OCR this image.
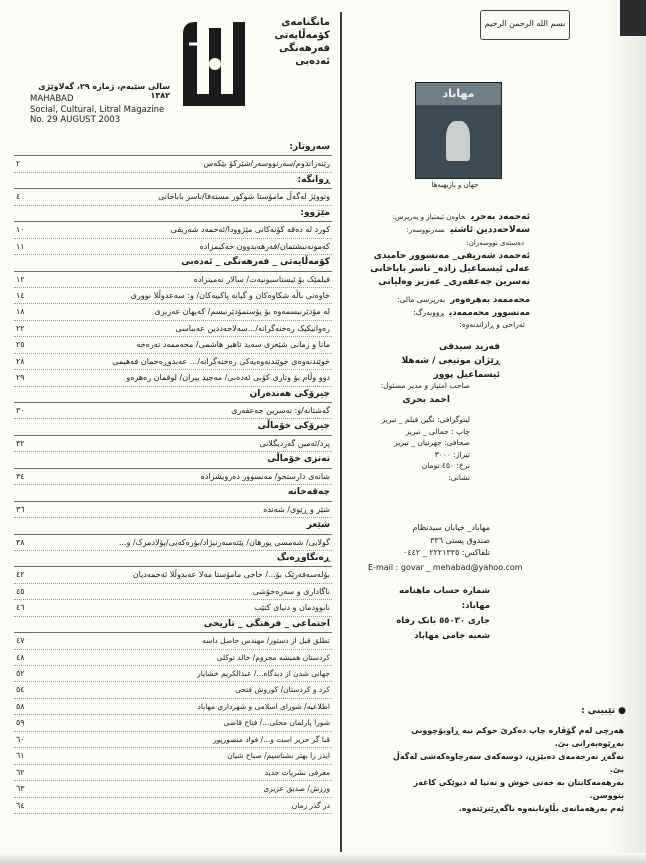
مانگنامەی
کۆمەڵایەتی
فەرهەنگی
ئەدەبی
سالی سێیەم، ژمارە ٢٩، گەلاوێژی ١٣٨٢
MAHABAD
Social, Cultural, Litral Magazine
No. 29 AUGUST 2003
سەروتار:
رێنەراندوم/سەرنووسەر/شێرکۆ بێکەس
٢
ڕوانگە:
وتووێژ لەگەڵ مامۆستا شوکور مستەفا/ناسر باباخانی
٤
مێژوو:
کورد لە دەقە کۆنەکانی مێژوودا/ئەحمەد شەریفی
١٠
کەمونەنیشتمان/فەرهەیدوون حەکیمزادە
١١
کۆمەڵایەتی _ فەرهەنگی _ ئەدەبی
فیلمێک بۆ ئیستاسیونیەت/ سالار نەمینزادە
١٢
خاوەنی باڵە شکاوەکان و گیانە پاکییەکان/ و: سەعدوڵلا نووری
١٤
لە مۆدێرنیسمەوە بۆ پۆستمۆدێرنیسم/ کەیهان عەزیزی
١٨
رەوانیکیک رەخنەگرانە/...سەلاحەددین عەبباسی
٢٢
مانا و زمانی شێعری سەید تاهیر هاشمی/ محەممەد تەرەخە
٢٥
خوێندنەوەی خوێندنەوەیەکی رەخنەگرانە/... عەبدوڕەحمان فەهیمی
٢٨
دوو وڵام بۆ وتاری کۆبی ئەدەبی/ مەجید پیران/ لوقمان رەهرەو
٢٩
چیرۆکی هەندەران
گەشتانە/و: نەسرین جەعفەری
٣٠
چیرۆکی خۆماڵی
پرد/ئەمین گەردیگلانی
٣٢
تەنزی خۆماڵی
شانەی دارستجو/ مەنسوور دەرویشزادە
٣٤
چەقەخانە
شێر و ڕێوی/ شەندە
٣٦
شێعر
گولابی/ شەمسی پورهان/ پێتەمبەرنیژاد/بۆرەکەیی/پۆلادمرک/ و...
٣٨
ڕەنگاوڕەنگ
بۆلەسەفەرێک بۆ.../ حاجی مامۆستا مەلا عەبدوڵلا ئەحمەدیان
٤٢
ناگاداری و سەرەخۆشی
٤٥
نابوودمان و دنیای کتێب
٤٦
اجتماعی _ فرهنگی _ تاریخی
تطلق قبل از دستور/ مهندس حاصل داسه
٤٧
کردستان همیشه محروم/ خالد توکلی
٤٨
جهانی شدن از دیدگاه.../ عبدالکریم خشایار
٥٢
کرد و کردستان/ کوروش فتحی
٥٤
اطلاعیه/ شورای اسلامی و شهرداری مهاباد
٥٨
شورا پارلمان محلی.../ فتاح قاضی
٥٩
قبا گر حریر است و.../ فواد منصورپور
٦٠
ایدز را بهتر بشناسیم/ صباح شیان
٦١
معرفی نشریات جدید
٦٢
ورزش/ صدیق عزیزی
٦٣
در گذر زمان
٦٤
بسم الله الرحمن الرحیم
مهاباد
جهان و بازیهیەها
ئەحمەد بەحریخاوەن ئیمتیاز و بەرپرس:
سەلاحەددین ئاشتیسەرنووسەر:
دەستەی نووسەران:
ئەحمەد شەریفی_ مەنسوور حامیدی
عەلی ئیسماعیل زادە_ ناسر باباخانی
نەسرین جەعفەری_ عەزیز وەلیانی
محەممەد بەهرەوەربەرپرسی مالی:
مەنسوور محەممەدیڕووبەرگ:
ئەراحی و ڕازاندنەوە:
فەرید سیدقی
ڕێژان موتیعی / شەهلا ئیسماعیل پوور
صاحب امتیاز و مدیر مسئول:
احمد بحری
لیتوگرافی: نگین فیلم _ تبریز
چاپ : جمالی _ تبریز
صحافی: جهرنیان _ تبریز
تیراژ: ٣٠٠٠
نرخ: ٤٥٠ تومان
نشانی:
مهاباد_ خیابان سیدنظام
صندوق پستی ٣٣٦
تلفاکس: ٢٢٢١٣٣٥ _ ٠٤٤٢
E-mail : govar _ mehabad@yahoo.com
شماره حساب ماهنامه مهاباد:
جاری ٥٥٠٣٠ بانک رفاه
شعبه جامی مهاباد
● تێبینی :
هەرچی لەم گۆڤارە چاپ دەکرێ حوکم نیە ڕاوبۆچوونی بەڕێوەبەرانی بێ.
نەگەڕ نەرجەمەی دەبێزن، دوسەکەی سەرچاوەکەشی لەگەڵ بێ.
بەرهەمەکانتان بە خەتی خوش و تەنیا لە دیوێکی کاغەز بنووسن.
ئەم بەرهەمانەی بڵاونابنەوە ناگەڕێنرێتەوە.
